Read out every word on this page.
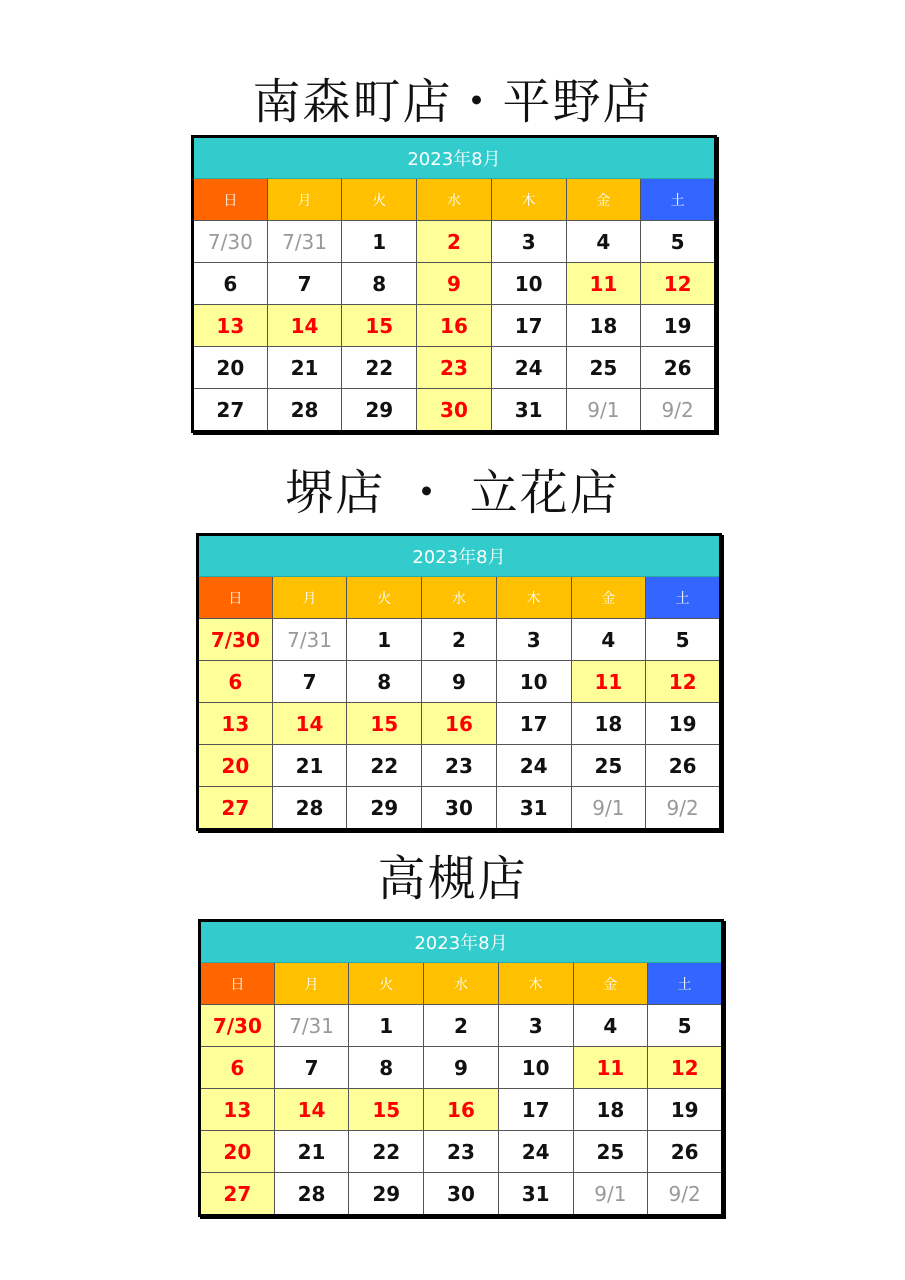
南森町店・平野店
2023年8月						
日	月	火	水	木	金	土
7/30	7/31	1	2	3	4	5
6	7	8	9	10	11	12
13	14	15	16	17	18	19
20	21	22	23	24	25	26
27	28	29	30	31	9/1	9/2
堺店 ・ 立花店
2023年8月						
日	月	火	水	木	金	土
7/30	7/31	1	2	3	4	5
6	7	8	9	10	11	12
13	14	15	16	17	18	19
20	21	22	23	24	25	26
27	28	29	30	31	9/1	9/2
高槻店
2023年8月						
日	月	火	水	木	金	土
7/30	7/31	1	2	3	4	5
6	7	8	9	10	11	12
13	14	15	16	17	18	19
20	21	22	23	24	25	26
27	28	29	30	31	9/1	9/2
